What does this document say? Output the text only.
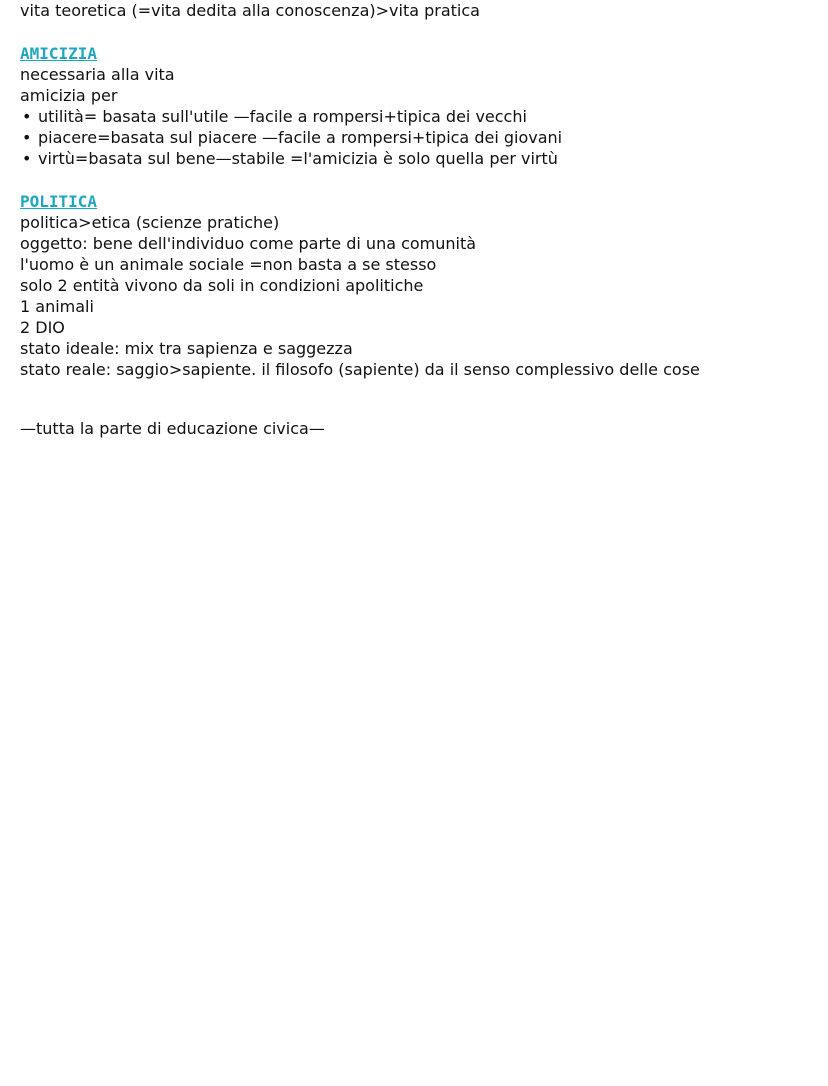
vita teoretica (=vita dedita alla conoscenza)>vita pratica

AMICIZIA

necessaria alla vita

amicizia per

• utilità= basata sull'utile —facile a rompersi+tipica dei vecchi
• piacere=basata sul piacere —facile a rompersi+tipica dei giovani
• virtù=basata sul bene—stabile =l'amicizia è solo quella per virtù

POLITICA

politica>etica (scienze pratiche)

oggetto: bene dell'individuo come parte di una comunità

l'uomo è un animale sociale =non basta a se stesso

solo 2 entità vivono da soli in condizioni apolitiche

1 animali

2 DIO

stato ideale: mix tra sapienza e saggezza

stato reale: saggio>sapiente. il filosofo (sapiente) da il senso complessivo delle cose

—tutta la parte di educazione civica—
